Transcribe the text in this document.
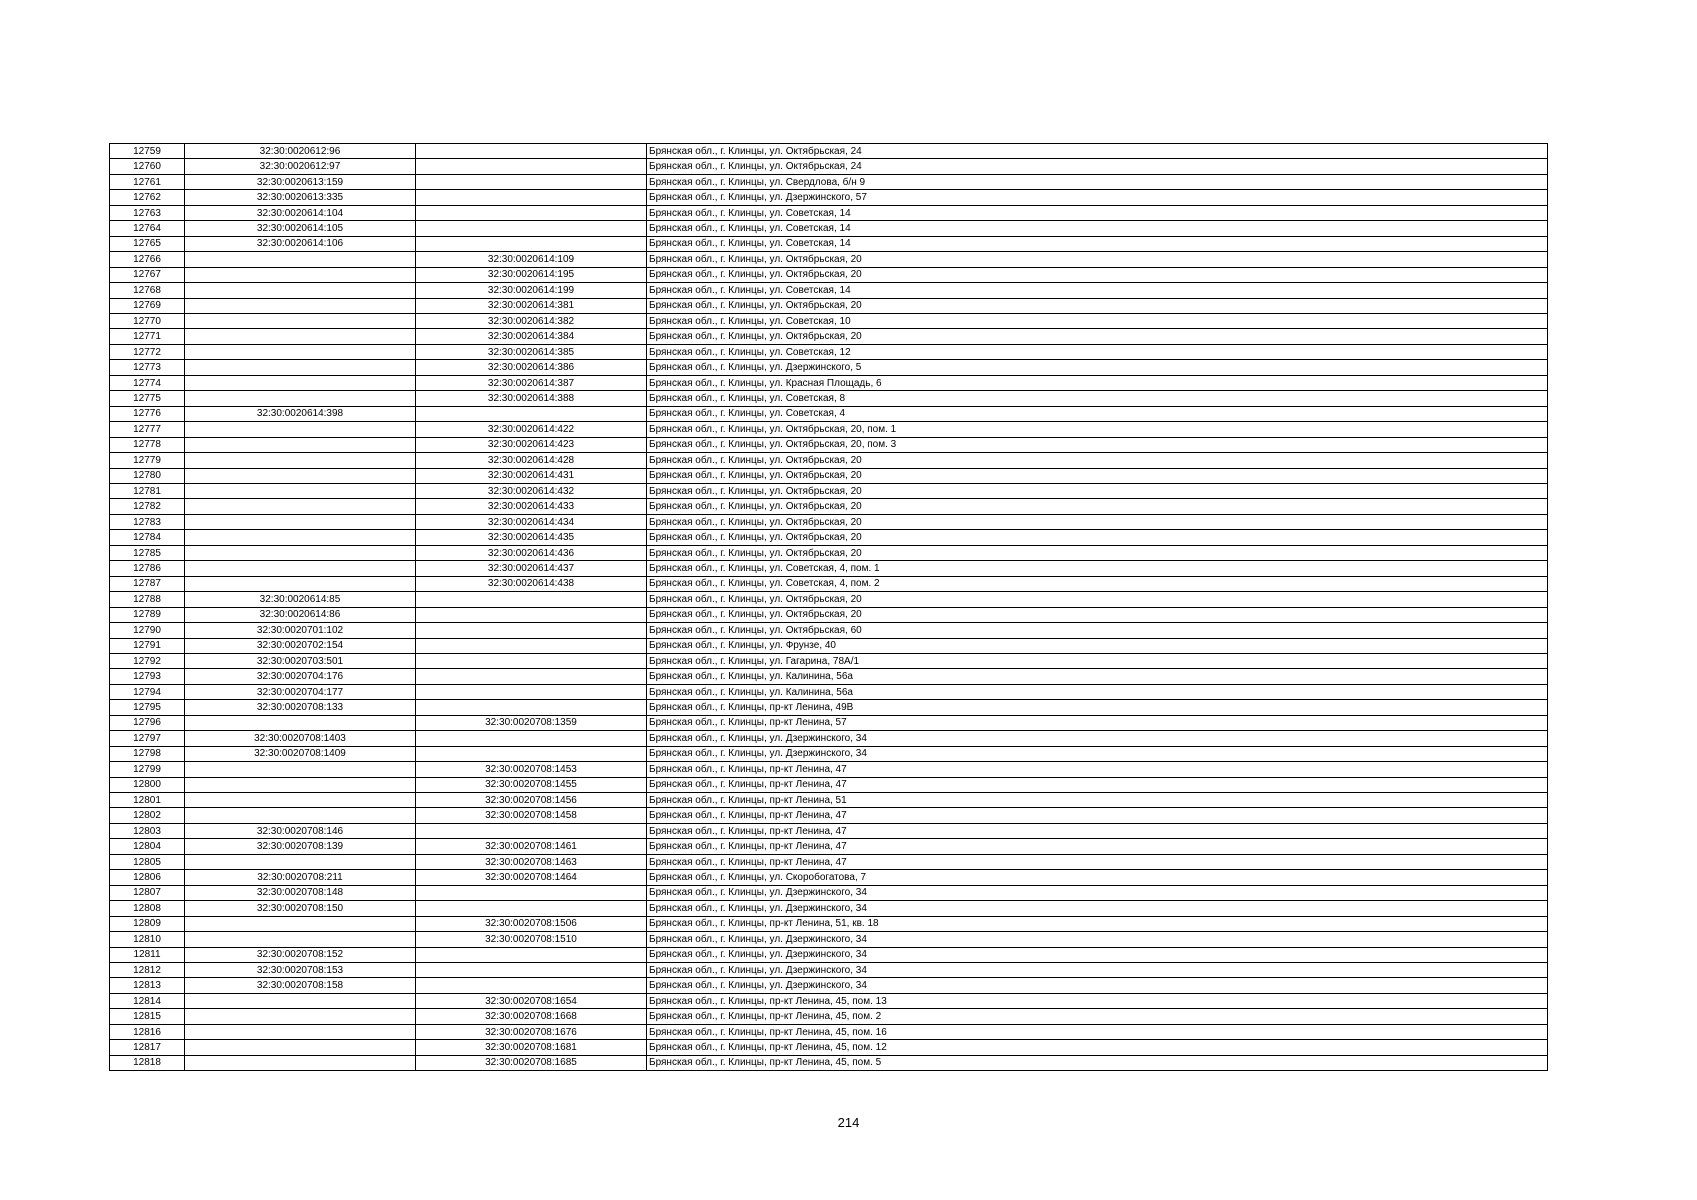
12759	32:30:0020612:96		Брянская обл., г. Клинцы, ул. Октябрьская, 24
12760	32:30:0020612:97		Брянская обл., г. Клинцы, ул. Октябрьская, 24
12761	32:30:0020613:159		Брянская обл., г. Клинцы, ул. Свердлова, б/н 9
12762	32:30:0020613:335		Брянская обл., г. Клинцы, ул. Дзержинского, 57
12763	32:30:0020614:104		Брянская обл., г. Клинцы, ул. Советская, 14
12764	32:30:0020614:105		Брянская обл., г. Клинцы, ул. Советская, 14
12765	32:30:0020614:106		Брянская обл., г. Клинцы, ул. Советская, 14
12766		32:30:0020614:109	Брянская обл., г. Клинцы, ул. Октябрьская, 20
12767		32:30:0020614:195	Брянская обл., г. Клинцы, ул. Октябрьская, 20
12768		32:30:0020614:199	Брянская обл., г. Клинцы, ул. Советская, 14
12769		32:30:0020614:381	Брянская обл., г. Клинцы, ул. Октябрьская, 20
12770		32:30:0020614:382	Брянская обл., г. Клинцы, ул. Советская, 10
12771		32:30:0020614:384	Брянская обл., г. Клинцы, ул. Октябрьская, 20
12772		32:30:0020614:385	Брянская обл., г. Клинцы, ул. Советская, 12
12773		32:30:0020614:386	Брянская обл., г. Клинцы, ул. Дзержинского, 5
12774		32:30:0020614:387	Брянская обл., г. Клинцы, ул. Красная Площадь, 6
12775		32:30:0020614:388	Брянская обл., г. Клинцы, ул. Советская, 8
12776	32:30:0020614:398		Брянская обл., г. Клинцы, ул. Советская, 4
12777		32:30:0020614:422	Брянская обл., г. Клинцы, ул. Октябрьская, 20, пом. 1
12778		32:30:0020614:423	Брянская обл., г. Клинцы, ул. Октябрьская, 20, пом. 3
12779		32:30:0020614:428	Брянская обл., г. Клинцы, ул. Октябрьская, 20
12780		32:30:0020614:431	Брянская обл., г. Клинцы, ул. Октябрьская, 20
12781		32:30:0020614:432	Брянская обл., г. Клинцы, ул. Октябрьская, 20
12782		32:30:0020614:433	Брянская обл., г. Клинцы, ул. Октябрьская, 20
12783		32:30:0020614:434	Брянская обл., г. Клинцы, ул. Октябрьская, 20
12784		32:30:0020614:435	Брянская обл., г. Клинцы, ул. Октябрьская, 20
12785		32:30:0020614:436	Брянская обл., г. Клинцы, ул. Октябрьская, 20
12786		32:30:0020614:437	Брянская обл., г. Клинцы, ул. Советская, 4, пом. 1
12787		32:30:0020614:438	Брянская обл., г. Клинцы, ул. Советская, 4, пом. 2
12788	32:30:0020614:85		Брянская обл., г. Клинцы, ул. Октябрьская, 20
12789	32:30:0020614:86		Брянская обл., г. Клинцы, ул. Октябрьская, 20
12790	32:30:0020701:102		Брянская обл., г. Клинцы, ул. Октябрьская, 60
12791	32:30:0020702:154		Брянская обл., г. Клинцы, ул. Фрунзе, 40
12792	32:30:0020703:501		Брянская обл., г. Клинцы, ул. Гагарина, 78А/1
12793	32:30:0020704:176		Брянская обл., г. Клинцы, ул. Калинина, 56а
12794	32:30:0020704:177		Брянская обл., г. Клинцы, ул. Калинина, 56а
12795	32:30:0020708:133		Брянская обл., г. Клинцы, пр-кт Ленина, 49В
12796		32:30:0020708:1359	Брянская обл., г. Клинцы, пр-кт Ленина, 57
12797	32:30:0020708:1403		Брянская обл., г. Клинцы, ул. Дзержинского, 34
12798	32:30:0020708:1409		Брянская обл., г. Клинцы, ул. Дзержинского, 34
12799		32:30:0020708:1453	Брянская обл., г. Клинцы, пр-кт Ленина, 47
12800		32:30:0020708:1455	Брянская обл., г. Клинцы, пр-кт Ленина, 47
12801		32:30:0020708:1456	Брянская обл., г. Клинцы, пр-кт Ленина, 51
12802		32:30:0020708:1458	Брянская обл., г. Клинцы, пр-кт Ленина, 47
12803	32:30:0020708:146		Брянская обл., г. Клинцы, пр-кт Ленина, 47
12804	32:30:0020708:139	32:30:0020708:1461	Брянская обл., г. Клинцы, пр-кт Ленина, 47
12805		32:30:0020708:1463	Брянская обл., г. Клинцы, пр-кт Ленина, 47
12806	32:30:0020708:211	32:30:0020708:1464	Брянская обл., г. Клинцы, ул. Скоробогатова, 7
12807	32:30:0020708:148		Брянская обл., г. Клинцы, ул. Дзержинского, 34
12808	32:30:0020708:150		Брянская обл., г. Клинцы, ул. Дзержинского, 34
12809		32:30:0020708:1506	Брянская обл., г. Клинцы, пр-кт Ленина, 51, кв. 18
12810		32:30:0020708:1510	Брянская обл., г. Клинцы, ул. Дзержинского, 34
12811	32:30:0020708:152		Брянская обл., г. Клинцы, ул. Дзержинского, 34
12812	32:30:0020708:153		Брянская обл., г. Клинцы, ул. Дзержинского, 34
12813	32:30:0020708:158		Брянская обл., г. Клинцы, ул. Дзержинского, 34
12814		32:30:0020708:1654	Брянская обл., г. Клинцы, пр-кт Ленина, 45, пом. 13
12815		32:30:0020708:1668	Брянская обл., г. Клинцы, пр-кт Ленина, 45, пом. 2
12816		32:30:0020708:1676	Брянская обл., г. Клинцы, пр-кт Ленина, 45, пом. 16
12817		32:30:0020708:1681	Брянская обл., г. Клинцы, пр-кт Ленина, 45, пом. 12
12818		32:30:0020708:1685	Брянская обл., г. Клинцы, пр-кт Ленина, 45, пом. 5
214
